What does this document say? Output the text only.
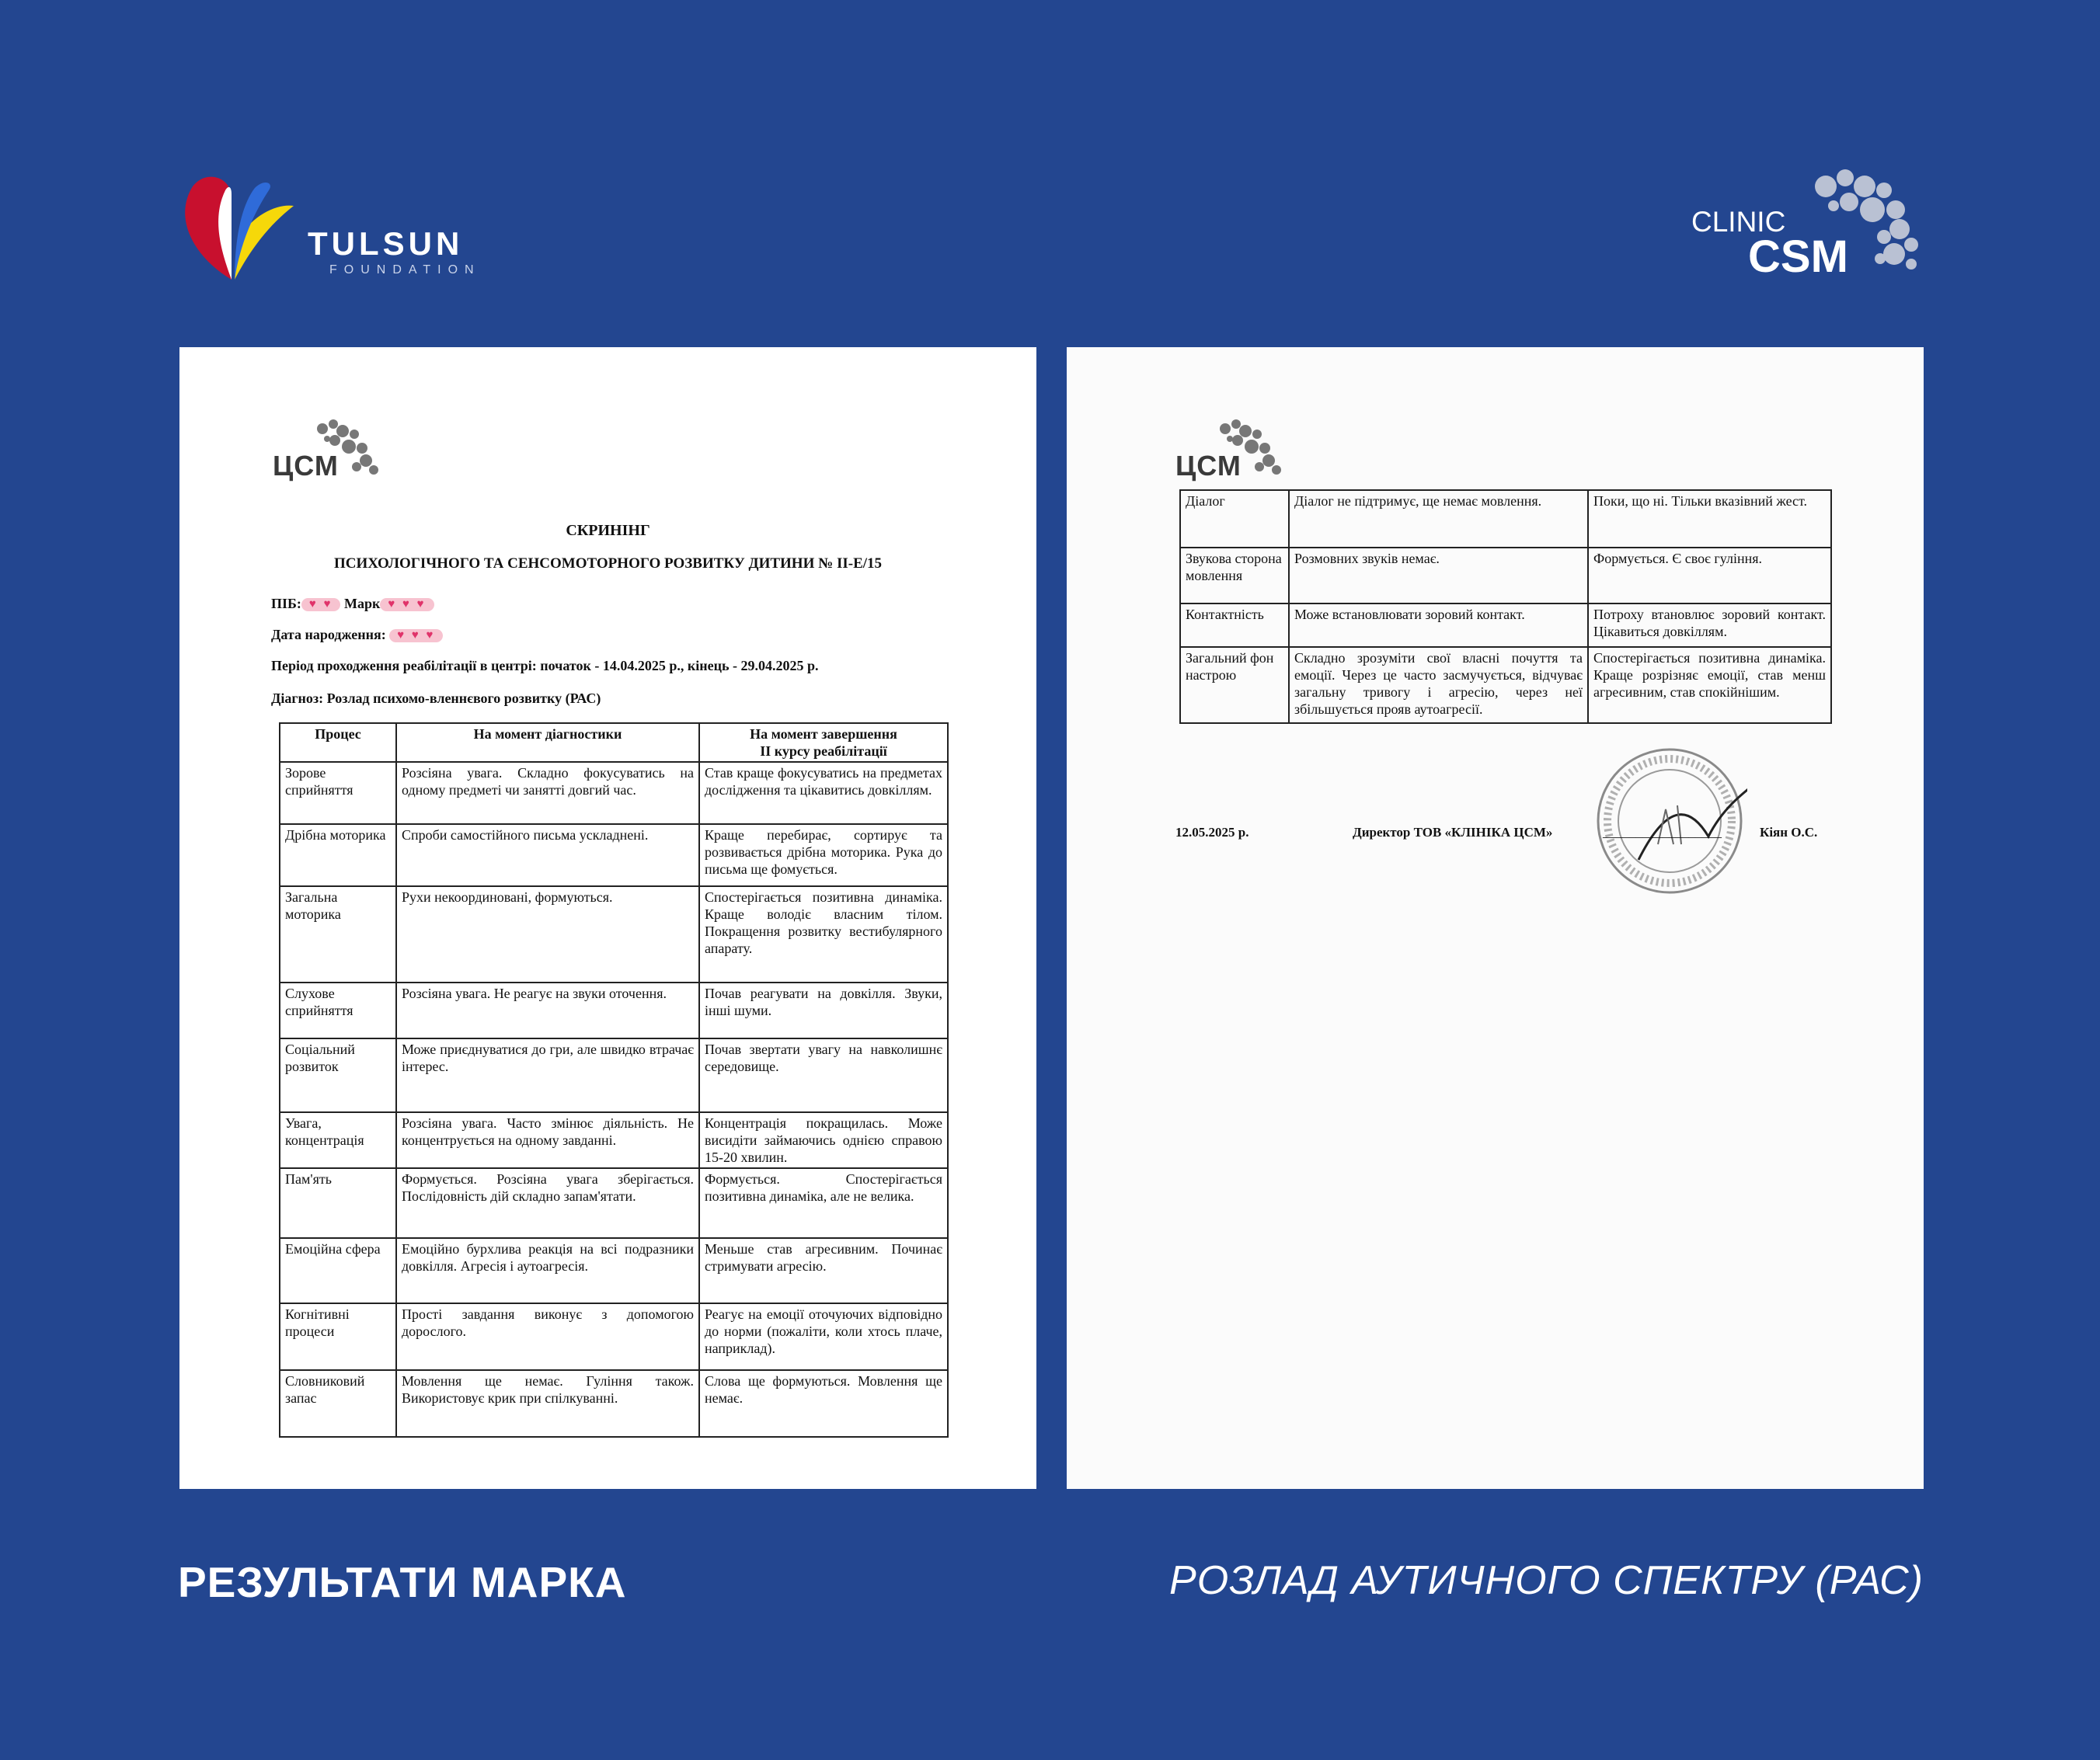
TULSUN
FOUNDATION
CLINIC
CSM
ЦСМ
СКРИНІНГ
ПСИХОЛОГІЧНОГО ТА СЕНСОМОТОРНОГО РОЗВИТКУ ДИТИНИ № II-Е/15
ПІБ: ♥ ♥ Марк ♥ ♥ ♥
Дата народження: ♥ ♥ ♥
Період проходження реабілітації в центрі: початок - 14.04.2025 р., кінець - 29.04.2025 р.
Діагноз: Розлад психомо-вленнєвого розвитку (РАС)
Процес	На момент діагностики	На момент завершення
II курсу реабілітації

Зорове сприйняття	Розсіяна увага. Складно фокусуватись на одному предметі чи занятті довгий час.	Став краще фокусуватись на предметах дослідження та цікавитись довкіллям.
Дрібна моторика	Спроби самостійного письма ускладнені.	Краще перебирає, сортирує та розвивається дрібна моторика. Рука до письма ще фомується.
Загальна моторика	Рухи некоординовані, формуються.	Спостерігається позитивна динаміка. Краще володіє власним тілом. Покращення розвитку вестибулярного апарату.
Слухове сприйняття	Розсіяна увага. Не реагує на звуки оточення.	Почав реагувати на довкілля. Звуки, інші шуми.
Соціальний розвиток	Може приєднуватися до гри, але швидко втрачає інтерес.	Почав звертати увагу на навколишнє середовище.
Увага, концентрація	Розсіяна увага. Часто змінює діяльність. Не концентрується на одному завданні.	Концентрація покращилась. Може висидіти займаючись однією справою 15-20 хвилин.
Пам'ять	Формується. Розсіяна увага зберігається. Послідовність дій складно запам'ятати.	Формується. Спостерігається позитивна динаміка, але не велика.
Емоційна сфера	Емоційно бурхлива реакція на всі подразники довкілля. Агресія і аутоагресія.	Меньше став агресивним. Починає стримувати агресію.
Когнітивні процеси	Прості завдання виконує з допомогою дорослого.	Реагує на емоції оточуючих відповідно до норми (пожаліти, коли хтось плаче, наприклад).
Словниковий запас	Мовлення ще немає. Гуління також. Використовує крик при спілкуванні.	Слова ще формуються. Мовлення ще немає.
ЦСМ
Діалог	Діалог не підтримує, ще немає мовлення.	Поки, що ні. Тільки вказівний жест.
Звукова сторона мовлення	Розмовних звуків немає.	Формується. Є своє гуління.
Контактність	Може встановлювати зоровий контакт.	Потроху втановлює зоровий контакт. Цікавиться довкіллям.
Загальний фон настрою	Складно зрозуміти свої власні почуття та емоції. Через це часто засмучується, відчуває загальну тривогу і агресію, через неї збільшується прояв аутоагресії.	Спостерігається позитивна динаміка. Краще розрізняє емоції, став менш агресивним, став спокійнішим.
12.05.2025 р.	Директор ТОВ «КЛІНІКА ЦСМ»	__________________	Кіян О.С.
РЕЗУЛЬТАТИ МАРКА	РОЗЛАД АУТИЧНОГО СПЕКТРУ (РАС)
